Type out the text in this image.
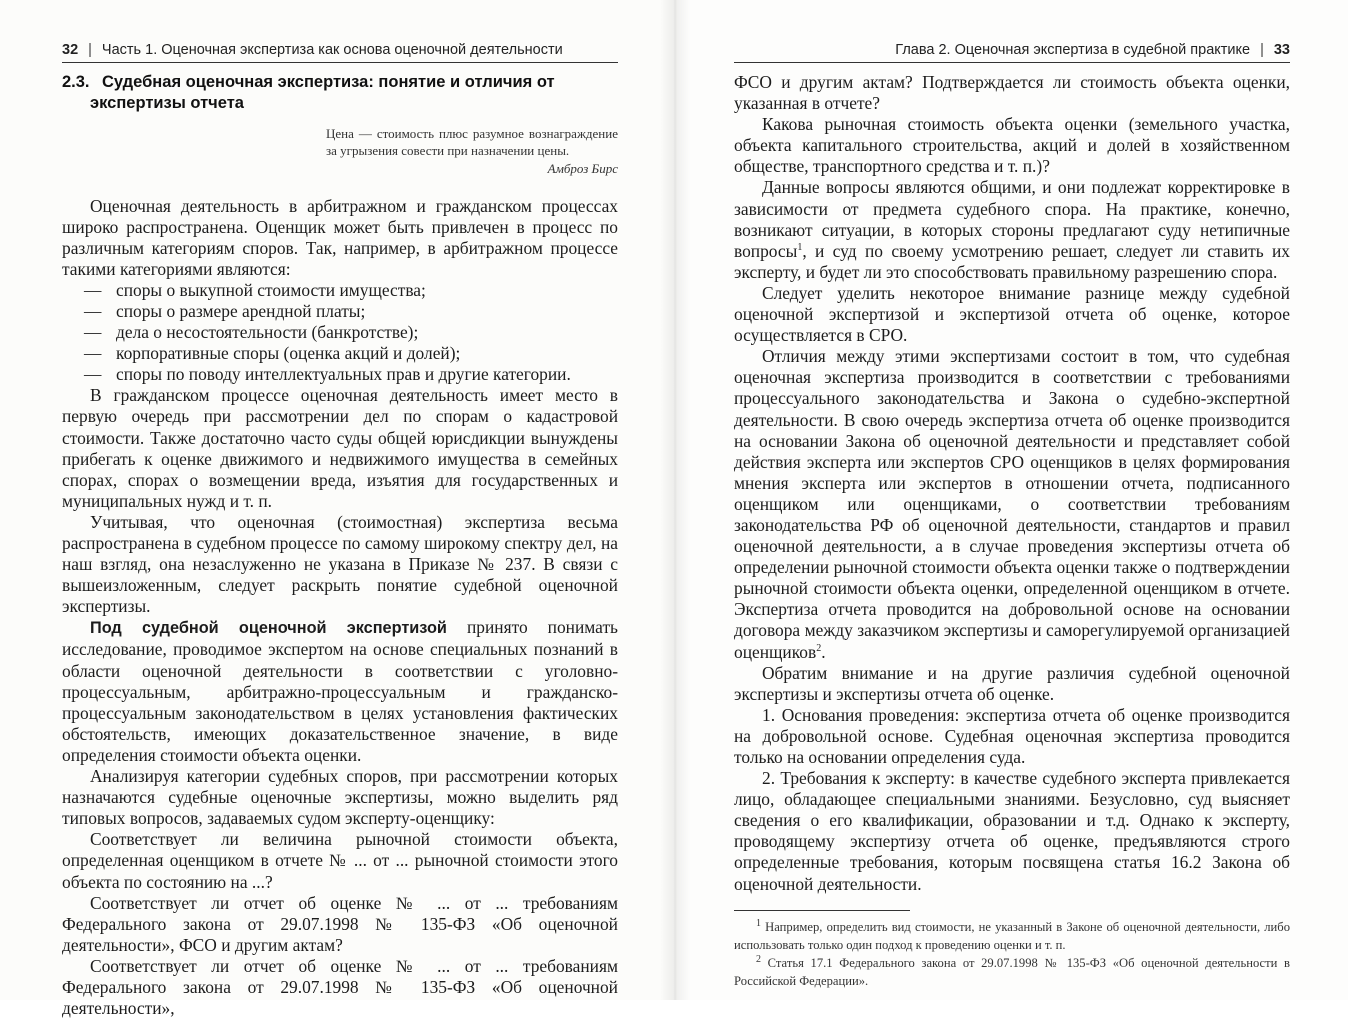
32 | Часть 1. Оценочная экспертиза как основа оценочной деятельности
2.3. Судебная оценочная экспертиза: понятие и отличия от экспертизы отчета
Цена — стоимость плюс разумное вознаграждение за угрызения совести при назначении цены.
Амброз Бирс

Оценочная деятельность в арбитражном и гражданском процессах широко распространена. Оценщик может быть привлечен в процесс по различным категориям споров. Так, например, в арбитражном процессе такими категориями являются:

— споры о выкупной стоимости имущества;
— споры о размере арендной платы;
— дела о несостоятельности (банкротстве);
— корпоративные споры (оценка акций и долей);
— споры по поводу интеллектуальных прав и другие категории.

В гражданском процессе оценочная деятельность имеет место в первую очередь при рассмотрении дел по спорам о кадастровой стоимости. Также достаточно часто суды общей юрисдикции вынуждены прибегать к оценке движимого и недвижимого имущества в семейных спорах, спорах о возмещении вреда, изъятия для государственных и муниципальных нужд и т. п.

Учитывая, что оценочная (стоимостная) экспертиза весьма распространена в судебном процессе по самому широкому спектру дел, на наш взгляд, она незаслуженно не указана в Приказе № 237. В связи с вышеизложенным, следует раскрыть понятие судебной оценочной экспертизы.

Под судебной оценочной экспертизой принято понимать исследование, проводимое экспертом на основе специальных познаний в области оценочной деятельности в соответствии с уголовно-процессуальным, арбитражно-процессуальным и гражданско-процессуальным законодательством в целях установления фактических обстоятельств, имеющих доказательственное значение, в виде определения стоимости объекта оценки.

Анализируя категории судебных споров, при рассмотрении которых назначаются судебные оценочные экспертизы, можно выделить ряд типовых вопросов, задаваемых судом эксперту-оценщику:

Соответствует ли величина рыночной стоимости объекта, определенная оценщиком в отчете № ... от ... рыночной стоимости этого объекта по состоянию на ...?

Соответствует ли отчет об оценке № ... от ... требованиям Федерального закона от 29.07.1998 № 135-ФЗ «Об оценочной деятельности», ФСО и другим актам?

Соответствует ли отчет об оценке № ... от ... требованиям Федерального закона от 29.07.1998 № 135-ФЗ «Об оценочной деятельности»,

Глава 2. Оценочная экспертиза в судебной практике | 33

ФСО и другим актам? Подтверждается ли стоимость объекта оценки, указанная в отчете?

Какова рыночная стоимость объекта оценки (земельного участка, объекта капитального строительства, акций и долей в хозяйственном обществе, транспортного средства и т. п.)?

Данные вопросы являются общими, и они подлежат корректировке в зависимости от предмета судебного спора. На практике, конечно, возникают ситуации, в которых стороны предлагают суду нетипичные вопросы$^1$, и суд по своему усмотрению решает, следует ли ставить их эксперту, и будет ли это способствовать правильному разрешению спора.

Следует уделить некоторое внимание разнице между судебной оценочной экспертизой и экспертизой отчета об оценке, которое осуществляется в СРО.

Отличия между этими экспертизами состоит в том, что судебная оценочная экспертиза производится в соответствии с требованиями процессуального законодательства и Закона о судебно-экспертной деятельности. В свою очередь экспертиза отчета об оценке производится на основании Закона об оценочной деятельности и представляет собой действия эксперта или экспертов СРО оценщиков в целях формирования мнения эксперта или экспертов в отношении отчета, подписанного оценщиком или оценщиками, о соответствии требованиям законодательства РФ об оценочной деятельности, стандартов и правил оценочной деятельности, а в случае проведения экспертизы отчета об определении рыночной стоимости объекта оценки также о подтверждении рыночной стоимости объекта оценки, определенной оценщиком в отчете. Экспертиза отчета проводится на добровольной основе на основании договора между заказчиком экспертизы и саморегулируемой организацией оценщиков$^2$.

Обратим внимание и на другие различия судебной оценочной экспертизы и экспертизы отчета об оценке.

1. Основания проведения: экспертиза отчета об оценке производится на добровольной основе. Судебная оценочная экспертиза проводится только на основании определения суда.

2. Требования к эксперту: в качестве судебного эксперта привлекается лицо, обладающее специальными знаниями. Безусловно, суд выясняет сведения о его квалификации, образовании и т.д. Однако к эксперту, проводящему экспертизу отчета об оценке, предъявляются строго определенные требования, которым посвящена статья 16.2 Закона об оценочной деятельности.

$^1$ Например, определить вид стоимости, не указанный в Законе об оценочной деятельности, либо использовать только один подход к проведению оценки и т. п.

$^2$ Статья 17.1 Федерального закона от 29.07.1998 № 135-ФЗ «Об оценочной деятельности в Российской Федерации».
